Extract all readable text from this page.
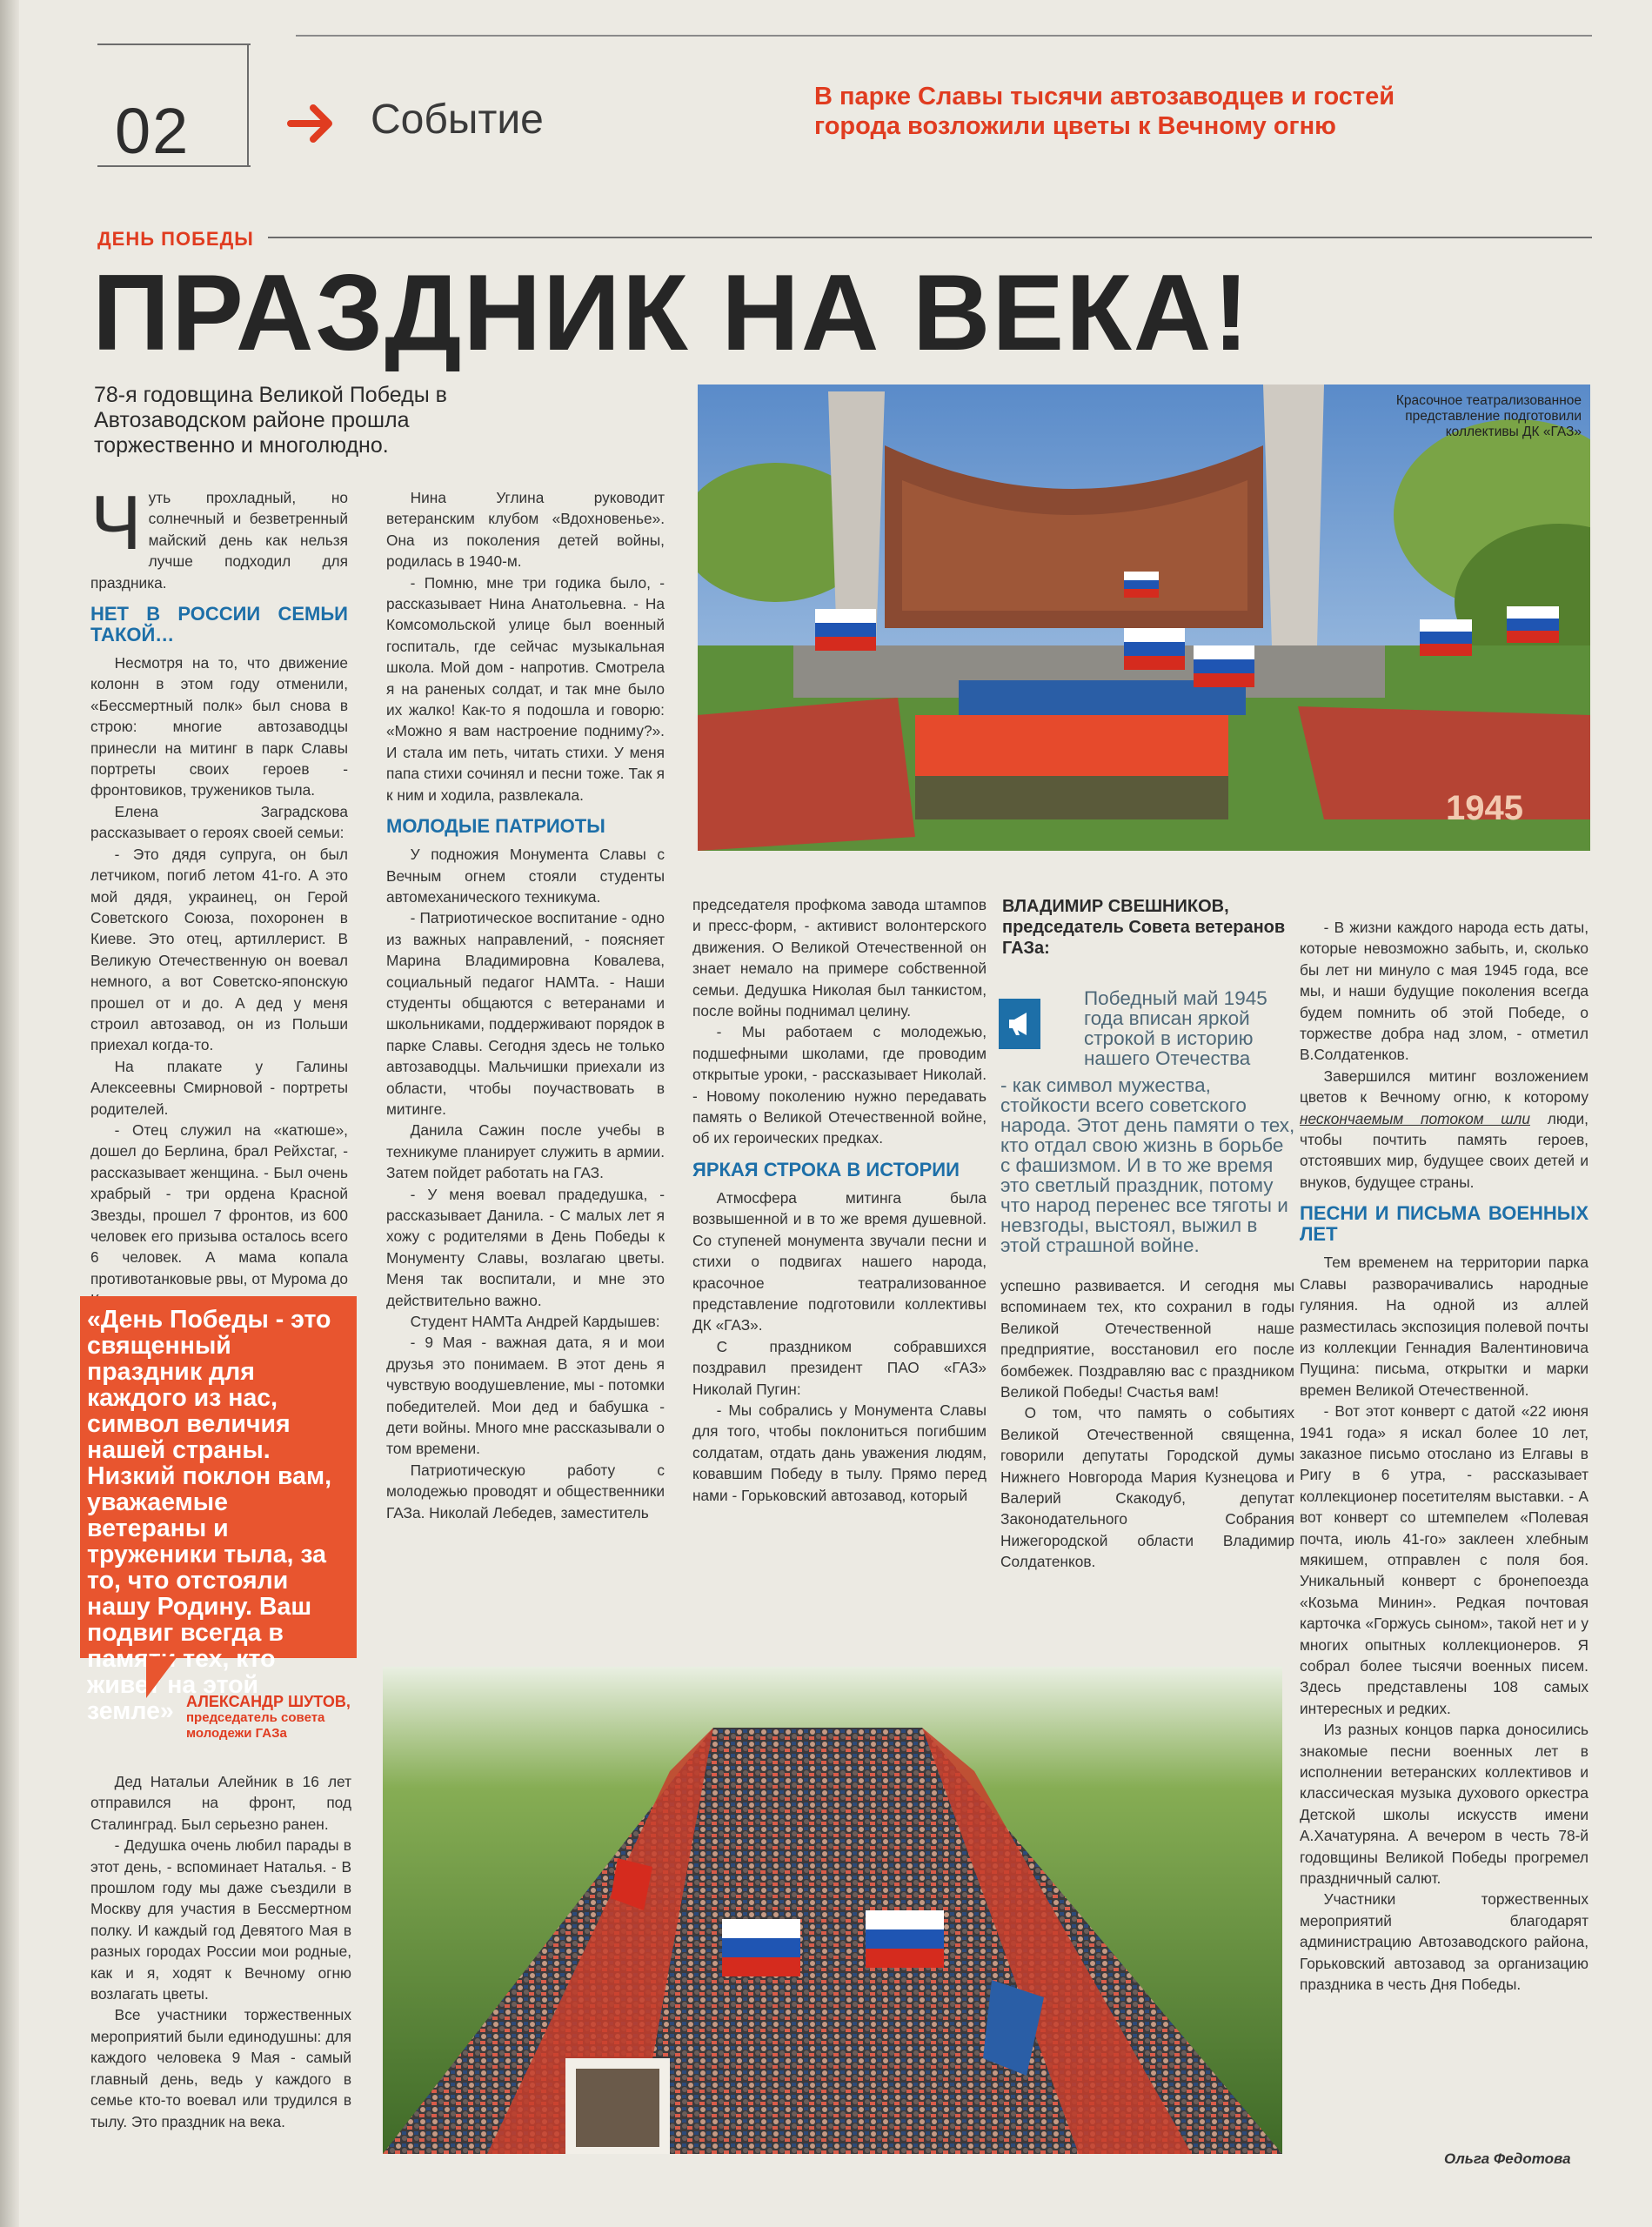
02	Событие	В парке Славы тысячи автозаводцев и гостей города возложили цветы к Вечному огню
ДЕНЬ ПОБЕДЫ
ПРАЗДНИК НА ВЕКА!
78-я годовщина Великой Победы в Автозаводском районе прошла торжественно и многолюдно.
1945
Красочное театрализованное представление подготовили коллективы ДК «ГАЗ»
Ч уть прохладный, но солнечный и безветренный майский день как нельзя лучше подходил для праздника.

НЕТ В РОССИИ СЕМЬИ ТАКОЙ…

Несмотря на то, что движение колонн в этом году отменили, «Бессмертный полк» был снова в строю: многие автозаводцы принесли на митинг в парк Славы портреты своих героев - фронтовиков, тружеников тыла.

Елена Заградскова рассказывает о героях своей семьи:

- Это дядя супруга, он был летчиком, погиб летом 41-го. А это мой дядя, украинец, он Герой Советского Союза, похоронен в Киеве. Это отец, артиллерист. В Великую Отечественную он воевал немного, а вот Советско-японскую прошел от и до. А дед у меня строил автозавод, он из Польши приехал когда-то.

На плакате у Галины Алексеевны Смирновой - портреты родителей.

- Отец служил на «катюше», дошел до Берлина, брал Рейхстаг, - рассказывает женщина. - Был очень храбрый - три ордена Красной Звезды, прошел 7 фронтов, из 600 человек его призыва осталось всего 6 человек. А мама копала противотанковые рвы, от Мурома до

Нина Углина руководит ветеранским клубом «Вдохновенье». Она из поколения детей войны, родилась в 1940-м.

- Помню, мне три годика было, - рассказывает Нина Анатольевна. - На Комсомольской улице был военный госпиталь, где сейчас музыкальная школа. Мой дом - напротив. Смотрела я на раненых солдат, и так мне было их жалко! Как-то я подошла и говорю: «Можно я вам настроение подниму?». И стала им петь, читать стихи. У меня папа стихи сочинял и песни тоже. Так я к ним и ходила, развлекала.

МОЛОДЫЕ ПАТРИОТЫ

У подножия Монумента Славы с Вечным огнем стояли студенты автомеханического техникума.

- Патриотическое воспитание - одно из важных направлений, - поясняет Марина Владимировна Ковалева, социальный педагог НАМТа. - Наши студенты общаются с ветеранами и школьниками, поддерживают порядок в парке Славы. Сегодня здесь не только автозаводцы. Мальчишки приехали из области, чтобы поучаствовать в митинге.

Данила Сажин после учебы в техникуме планирует служить в армии. Затем пойдет работать на ГАЗ.

- У меня воевал прадедушка, - рассказывает Данила. - С малых лет я хожу с родителями в День Победы к Монументу Славы, возлагаю цветы. Меня так воспитали, и мне это действительно важно.

Студент НАМТа Андрей Кардышев:

- 9 Мая - важная дата, я и мои друзья это понимаем. В этот день я чувствую воодушевление, мы - потомки победителей. Мои дед и бабушка - дети войны. Много мне рассказывали о том времени.

Патриотическую работу с молодежью проводят и общественники ГАЗа. Николай Лебедев, заместитель

председателя профкома завода штампов и пресс-форм, - активист волонтерского движения. О Великой Отечественной он знает немало на примере собственной семьи. Дедушка Николая был танкистом, после войны поднимал целину.

- Мы работаем с молодежью, подшефными школами, где проводим открытые уроки, - рассказывает Николай. - Новому поколению нужно передавать память о Великой Отечественной войне, об их героических предках.

ЯРКАЯ СТРОКА В ИСТОРИИ

Атмосфера митинга была возвышенной и в то же время душевной. Со ступеней монумента звучали песни и стихи о подвигах нашего народа, красочное театрализованное представление подготовили коллективы ДК «ГАЗ».

С праздником собравшихся поздравил президент ПАО «ГАЗ» Николай Пугин:

- Мы собрались у Монумента Славы для того, чтобы поклониться погибшим солдатам, отдать дань уважения людям, ковавшим Победу в тылу. Прямо перед нами - Горьковский автозавод, который

ВЛАДИМИР СВЕШНИКОВ,
председатель Совета ветеранов ГАЗа:
Победный май 1945 года вписан яркой строкой в историю нашего Отечества
- как символ мужества, стойкости всего советского народа. Этот день памяти о тех, кто отдал свою жизнь в борьбе с фашизмом. И в то же время это светлый праздник, потому что народ перенес все тяготы и невзгоды, выстоял, выжил в этой страшной войне.

успешно развивается. И сегодня мы вспоминаем тех, кто сохранил в годы Великой Отечественной наше предприятие, восстановил его после бомбежек. Поздравляю вас с праздником Великой Победы! Счастья вам!

О том, что память о событиях Великой Отечественной священна, говорили депутаты Городской думы Нижнего Новгорода Мария Кузнецова и Валерий Скакодуб, депутат Законодательного Собрания Нижегородской области Владимир Солдатенков.

- В жизни каждого народа есть даты, которые невозможно забыть, и, сколько бы лет ни минуло с мая 1945 года, все мы, и наши будущие поколения всегда будем помнить об этой Победе, о торжестве добра над злом, - отметил В.Солдатенков.

Завершился митинг возложением цветов к Вечному огню, к которому нескончаемым потоком шли люди, чтобы почтить память героев, отстоявших мир, будущее своих детей и внуков, будущее страны.

ПЕСНИ И ПИСЬМА ВОЕННЫХ ЛЕТ

Тем временем на территории парка Славы разворачивались народные гуляния. На одной из аллей разместилась экспозиция полевой почты из коллекции Геннадия Валентиновича Пущина: письма, открытки и марки времен Великой Отечественной.

- Вот этот конверт с датой «22 июня 1941 года» я искал более 10 лет, заказное письмо отослано из Елгавы в Ригу в 6 утра, - рассказывает коллекционер посетителям выставки. - А вот конверт со штемпелем «Полевая почта, июль 41-го» заклеен хлебным мякишем, отправлен с поля боя. Уникальный конверт с бронепоезда «Козьма Минин». Редкая почтовая карточка «Горжусь сыном», такой нет и у многих опытных коллекционеров. Я собрал более тысячи военных писем. Здесь представлены 108 самых интересных и редких.

Из разных концов парка доносились знакомые песни военных лет в исполнении ветеранских коллективов и классическая музыка духового оркестра Детской школы искусств имени А.Хачатуряна. А вечером в честь 78-й годовщины Великой Победы прогремел праздничный салют.

Участники торжественных мероприятий благодарят администрацию Автозаводского района, Горьковский автозавод за организацию праздника в честь Дня Победы.

Ольга Федотова
«День Победы - это священный праздник для каждого из нас, символ величия нашей страны. Низкий поклон вам, уважаемые ветераны и труженики тыла, за то, что отстояли нашу Родину. Ваш подвиг всегда в памяти тех, кто живет на этой земле» АЛЕКСАНДР ШУТОВ,
председатель совета молодежи ГАЗа

Дед Натальи Алейник в 16 лет отправился на фронт, под Сталинград. Был серьезно ранен.

- Дедушка очень любил парады в этот день, - вспоминает Наталья. - В прошлом году мы даже съездили в Москву для участия в Бессмертном полку. И каждый год Девятого Мая в разных городах России мои родные, как и я, ходят к Вечному огню возлагать цветы.

Все участники торжественных мероприятий были единодушны: для каждого человека 9 Мая - самый главный день, ведь у каждого в семье кто-то воевал или трудился в тылу. Это праздник на века.
